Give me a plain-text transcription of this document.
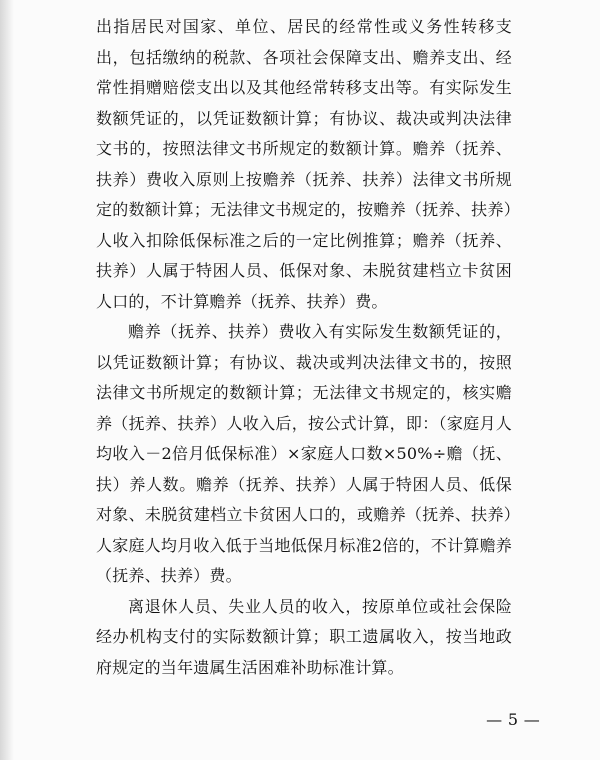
出指居民对国家、单位、居民的经常性或义务性转移支出，包括缴纳的税款、各项社会保障支出、赡养支出、经常性捐赠赔偿支出以及其他经常转移支出等。有实际发生数额凭证的，以凭证数额计算；有协议、裁决或判决法律文书的，按照法律文书所规定的数额计算。赡养（抚养、扶养）费收入原则上按赡养（抚养、扶养）法律文书所规定的数额计算；无法律文书规定的，按赡养（抚养、扶养）人收入扣除低保标准之后的一定比例推算；赡养（抚养、扶养）人属于特困人员、低保对象、未脱贫建档立卡贫困人口的，不计算赡养（抚养、扶养）费。

赡养（抚养、扶养）费收入有实际发生数额凭证的，以凭证数额计算；有协议、裁决或判决法律文书的，按照法律文书所规定的数额计算；无法律文书规定的，核实赡养（抚养、扶养）人收入后，按公式计算，即：（家庭月人均收入－2倍月低保标准）×家庭人口数×50%÷赡（抚、扶）养人数。赡养（抚养、扶养）人属于特困人员、低保对象、未脱贫建档立卡贫困人口的，或赡养（抚养、扶养）人家庭人均月收入低于当地低保月标准2倍的，不计算赡养（抚养、扶养）费。

离退休人员、失业人员的收入，按原单位或社会保险经办机构支付的实际数额计算；职工遗属收入，按当地政府规定的当年遗属生活困难补助标准计算。

— 5 —
